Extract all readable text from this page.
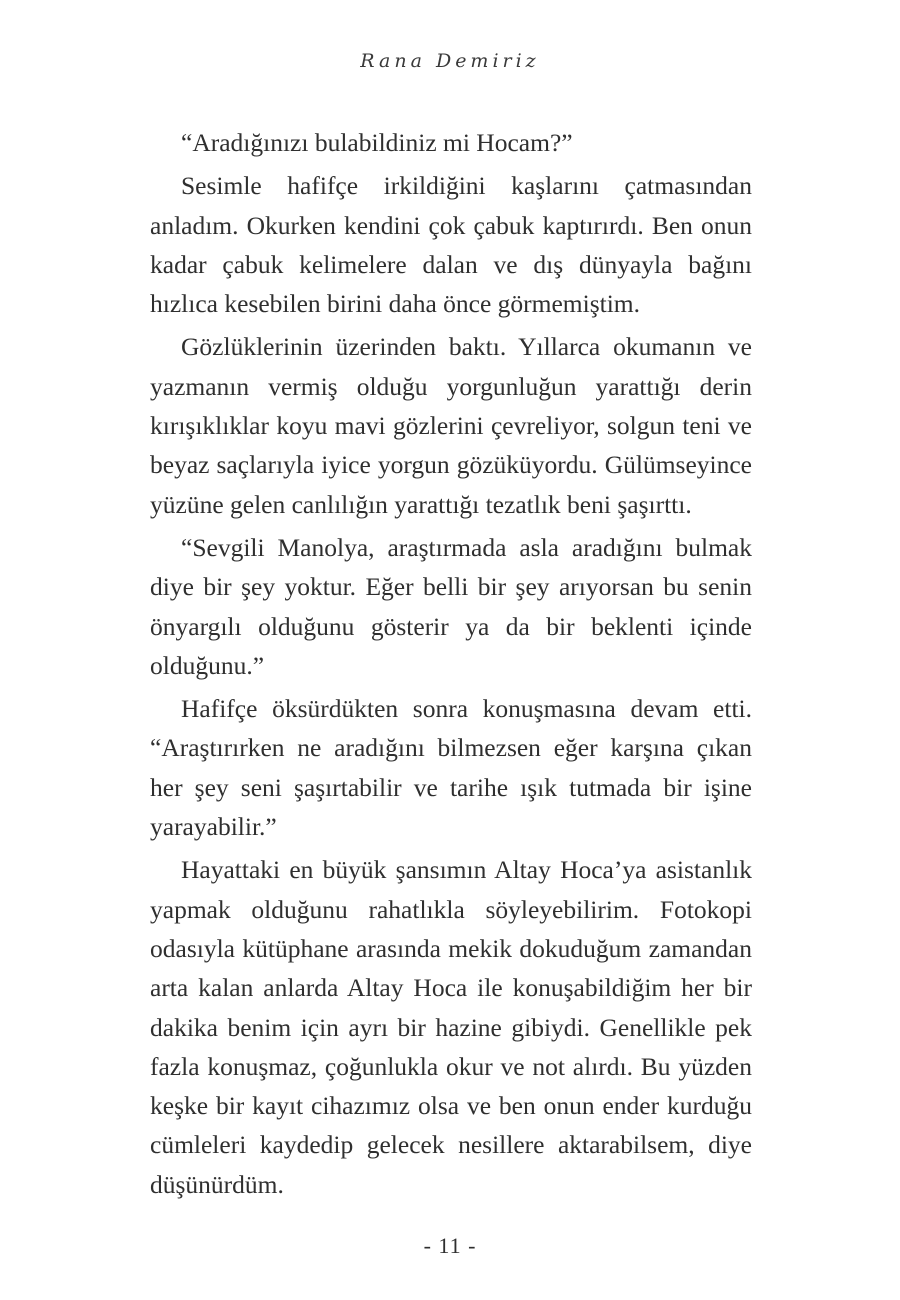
Rana Demiriz

“Aradığınızı bulabildiniz mi Hocam?”

Sesimle hafifçe irkildiğini kaşlarını çatmasından anladım. Okurken kendini çok çabuk kaptırırdı. Ben onun kadar çabuk kelimelere dalan ve dış dünyayla bağını hızlıca kesebilen birini daha önce görmemiştim.

Gözlüklerinin üzerinden baktı. Yıllarca okumanın ve yazmanın vermiş olduğu yorgunluğun yarattığı derin kırışıklıklar koyu mavi gözlerini çevreliyor, solgun teni ve beyaz saçlarıyla iyice yorgun gözüküyordu. Gülümseyince yüzüne gelen canlılığın yarattığı tezatlık beni şaşırttı.

“Sevgili Manolya, araştırmada asla aradığını bulmak diye bir şey yoktur. Eğer belli bir şey arıyorsan bu senin önyargılı olduğunu gösterir ya da bir beklenti içinde olduğunu.”

Hafifçe öksürdükten sonra konuşmasına devam etti. “Araştırırken ne aradığını bilmezsen eğer karşına çıkan her şey seni şaşırtabilir ve tarihe ışık tutmada bir işine yarayabilir.”

Hayattaki en büyük şansımın Altay Hoca’ya asistanlık yapmak olduğunu rahatlıkla söyleyebilirim. Fotokopi odasıyla kütüphane arasında mekik dokuduğum zamandan arta kalan anlarda Altay Hoca ile konuşabildiğim her bir dakika benim için ayrı bir hazine gibiydi. Genellikle pek fazla konuşmaz, çoğunlukla okur ve not alırdı. Bu yüzden keşke bir kayıt cihazımız olsa ve ben onun ender kurduğu cümleleri kaydedip gelecek nesillere aktarabilsem, diye düşünürdüm.

- 11 -
